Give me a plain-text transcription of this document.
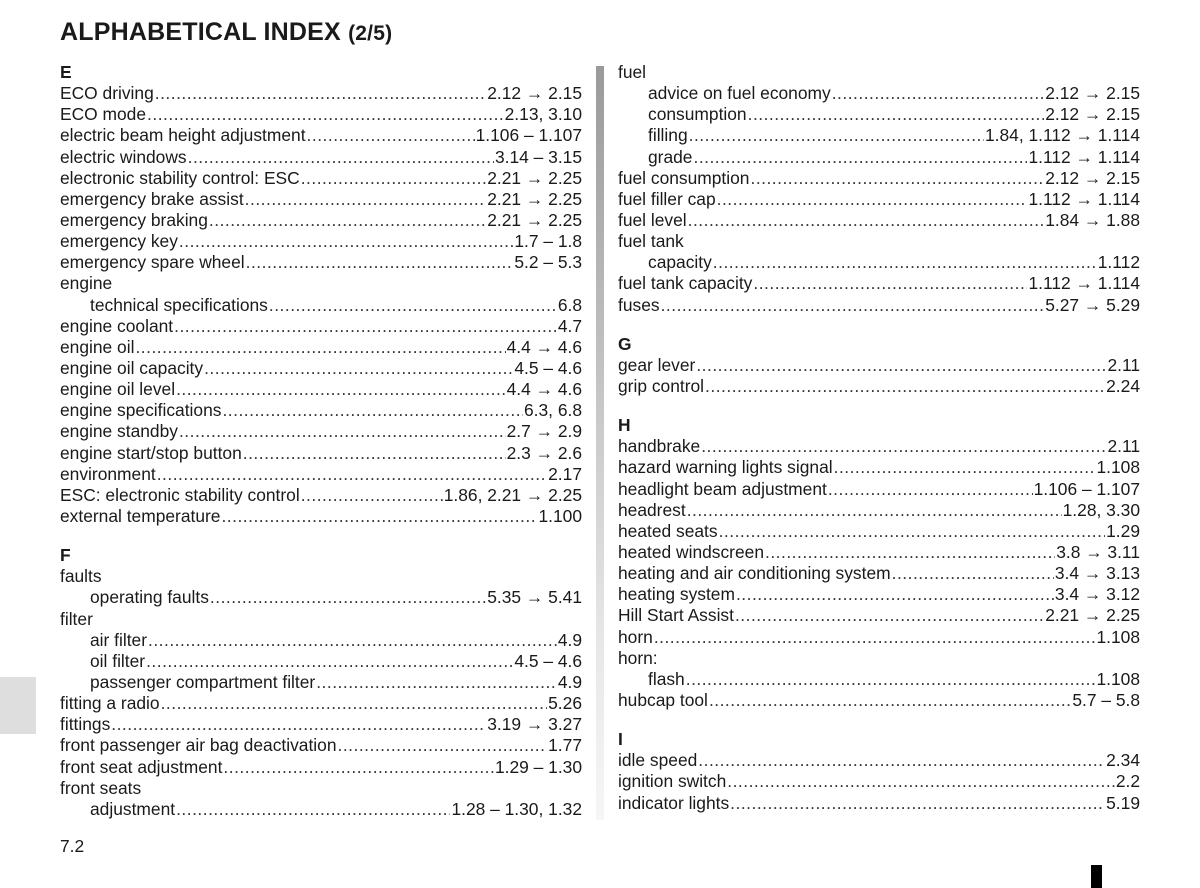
ALPHABETICAL INDEX (2/5)
E
ECO driving .....	2.12 → 2.15
ECO mode .....	2.13, 3.10
electric beam height adjustment .....	1.106 – 1.107
electric windows .....	3.14 – 3.15
electronic stability control: ESC .....	2.21 → 2.25
emergency brake assist .....	2.21 → 2.25
emergency braking .....	2.21 → 2.25
emergency key .....	1.7 – 1.8
emergency spare wheel .....	5.2 – 5.3
engine
technical specifications .....	6.8
engine coolant .....	4.7
engine oil .....	4.4 → 4.6
engine oil capacity .....	4.5 – 4.6
engine oil level .....	4.4 → 4.6
engine specifications .....	6.3, 6.8
engine standby .....	2.7 → 2.9
engine start/stop button .....	2.3 → 2.6
environment .....	2.17
ESC: electronic stability control .....	1.86, 2.21 → 2.25
external temperature .....	1.100
F
faults
operating faults .....	5.35 → 5.41
filter
air filter .....	4.9
oil filter .....	4.5 – 4.6
passenger compartment filter .....	4.9
fitting a radio .....	5.26
fittings .....	3.19 → 3.27
front passenger air bag deactivation .....	1.77
front seat adjustment .....	1.29 – 1.30
front seats
adjustment .....	1.28 – 1.30, 1.32
fuel
advice on fuel economy .....	2.12 → 2.15
consumption .....	2.12 → 2.15
filling .....	1.84, 1.112 → 1.114
grade .....	1.112 → 1.114
fuel consumption .....	2.12 → 2.15
fuel filler cap .....	1.112 → 1.114
fuel level .....	1.84 → 1.88
fuel tank
capacity .....	1.112
fuel tank capacity .....	1.112 → 1.114
fuses .....	5.27 → 5.29
G
gear lever .....	2.11
grip control .....	2.24
H
handbrake .....	2.11
hazard warning lights signal .....	1.108
headlight beam adjustment .....	1.106 – 1.107
headrest .....	1.28, 3.30
heated seats .....	1.29
heated windscreen .....	3.8 → 3.11
heating and air conditioning system .....	3.4 → 3.13
heating system .....	3.4 → 3.12
Hill Start Assist .....	2.21 → 2.25
horn .....	1.108
horn:
flash .....	1.108
hubcap tool .....	5.7 – 5.8
I
idle speed .....	2.34
ignition switch .....	2.2
indicator lights .....	5.19
7.2
